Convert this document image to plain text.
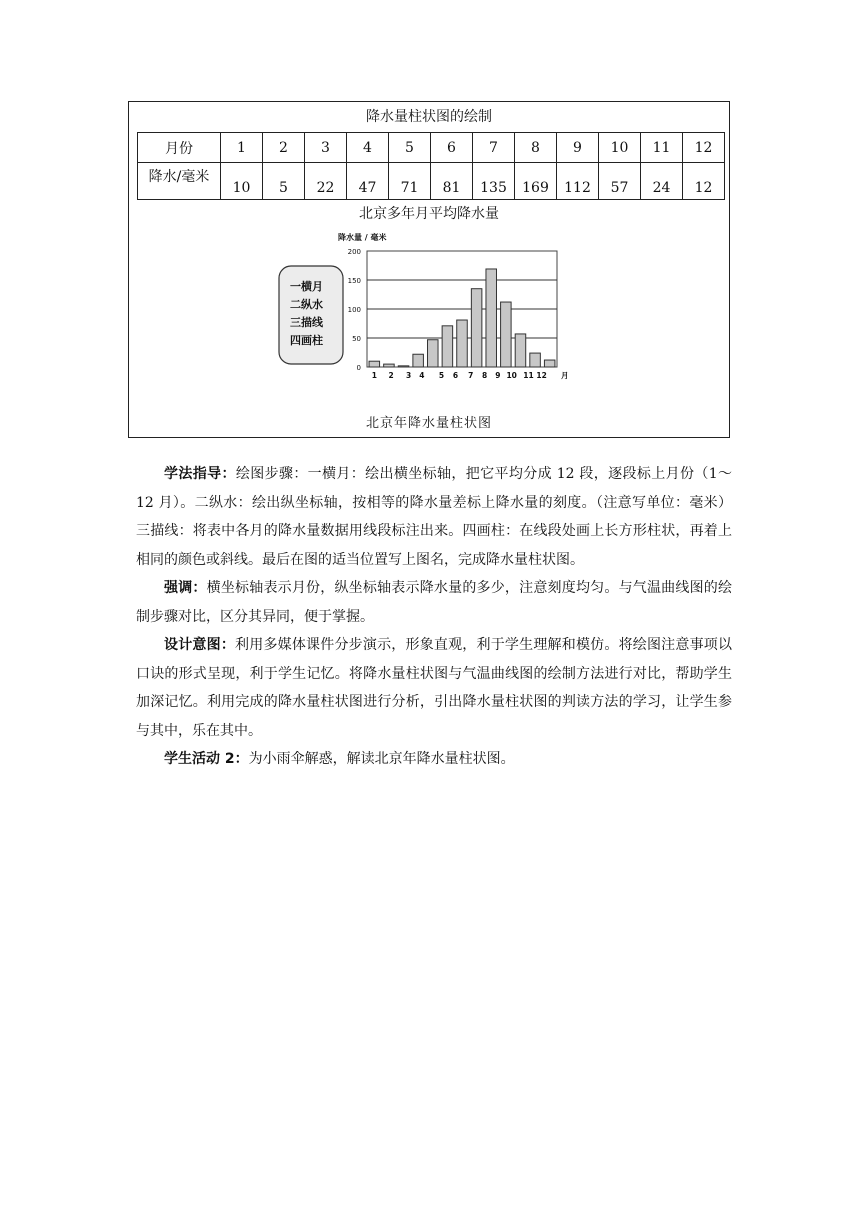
降水量柱状图的绘制
月份	1	2	3	4	5	6	7	8	9	10	11	12
降水/毫米	10	5	22	47	71	81	135	169	112	57	24	12
北京多年月平均降水量
一横月
二纵水
三描线
四画柱
降水量 / 毫米
0
50
100
150
200
1 2 3 4 5 6 7 8 9 10 11 12 月
北京年降水量柱状图

学法指导：绘图步骤：一横月：绘出横坐标轴，把它平均分成 12 段，逐段标上月份（1～12 月）。二纵水：绘出纵坐标轴，按相等的降水量差标上降水量的刻度。（注意写单位：毫米）三描线：将表中各月的降水量数据用线段标注出来。四画柱：在线段处画上长方形柱状，再着上相同的颜色或斜线。最后在图的适当位置写上图名，完成降水量柱状图。

强调：横坐标轴表示月份，纵坐标轴表示降水量的多少，注意刻度均匀。与气温曲线图的绘制步骤对比，区分其异同，便于掌握。

设计意图：利用多媒体课件分步演示，形象直观，利于学生理解和模仿。将绘图注意事项以口诀的形式呈现，利于学生记忆。将降水量柱状图与气温曲线图的绘制方法进行对比，帮助学生加深记忆。利用完成的降水量柱状图进行分析，引出降水量柱状图的判读方法的学习，让学生参与其中，乐在其中。

学生活动 2：为小雨伞解惑，解读北京年降水量柱状图。
